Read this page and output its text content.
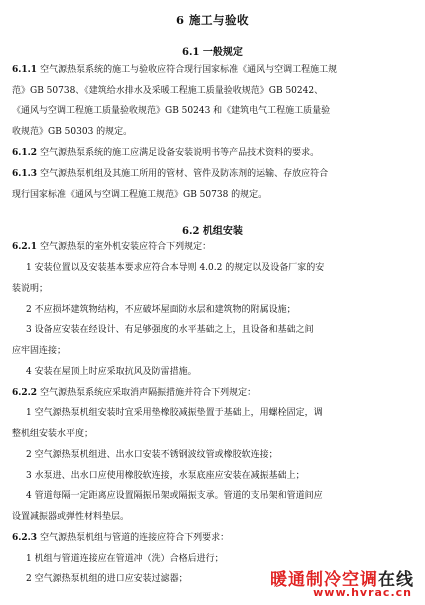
6 施工与验收
6.1 一般规定
6.1.1 空气源热泵系统的施工与验收应符合现行国家标准《通风与空调工程施工规
范》GB 50738、《建筑给水排水及采暖工程施工质量验收规范》GB 50242、
《通风与空调工程施工质量验收规范》GB 50243 和《建筑电气工程施工质量验
收规范》GB 50303 的规定。
6.1.2 空气源热泵系统的施工应满足设备安装说明书等产品技术资料的要求。
6.1.3 空气源热泵机组及其施工所用的管材、管件及防冻剂的运输、存放应符合
现行国家标准《通风与空调工程施工规范》GB 50738 的规定。
6.2 机组安装
6.2.1 空气源热泵的室外机安装应符合下列规定：
1 安装位置以及安装基本要求应符合本导则 4.0.2 的规定以及设备厂家的安
装说明；
2 不应损坏建筑物结构，不应破坏屋面防水层和建筑物的附属设施；
3 设备应安装在经设计、有足够强度的水平基础之上，且设备和基础之间
应牢固连接；
4 安装在屋顶上时应采取抗风及防雷措施。
6.2.2 空气源热泵系统应采取消声隔振措施并符合下列规定：
1 空气源热泵机组安装时宜采用垫橡胶减振垫置于基础上，用螺栓固定，调
整机组安装水平度；
2 空气源热泵机组进、出水口安装不锈钢波纹管或橡胶软连接；
3 水泵进、出水口应使用橡胶软连接，水泵底座应安装在减振基础上；
4 管道每隔一定距离应设置隔振吊架或隔振支承。管道的支吊架和管道间应
设置减振器或弹性材料垫层。
6.2.3 空气源热泵机组与管道的连接应符合下列要求：
1 机组与管道连接应在管道冲（洗）合格后进行；
2 空气源热泵机组的进口应安装过滤器；	暖通制冷空调在线
www.hvrac.cn
